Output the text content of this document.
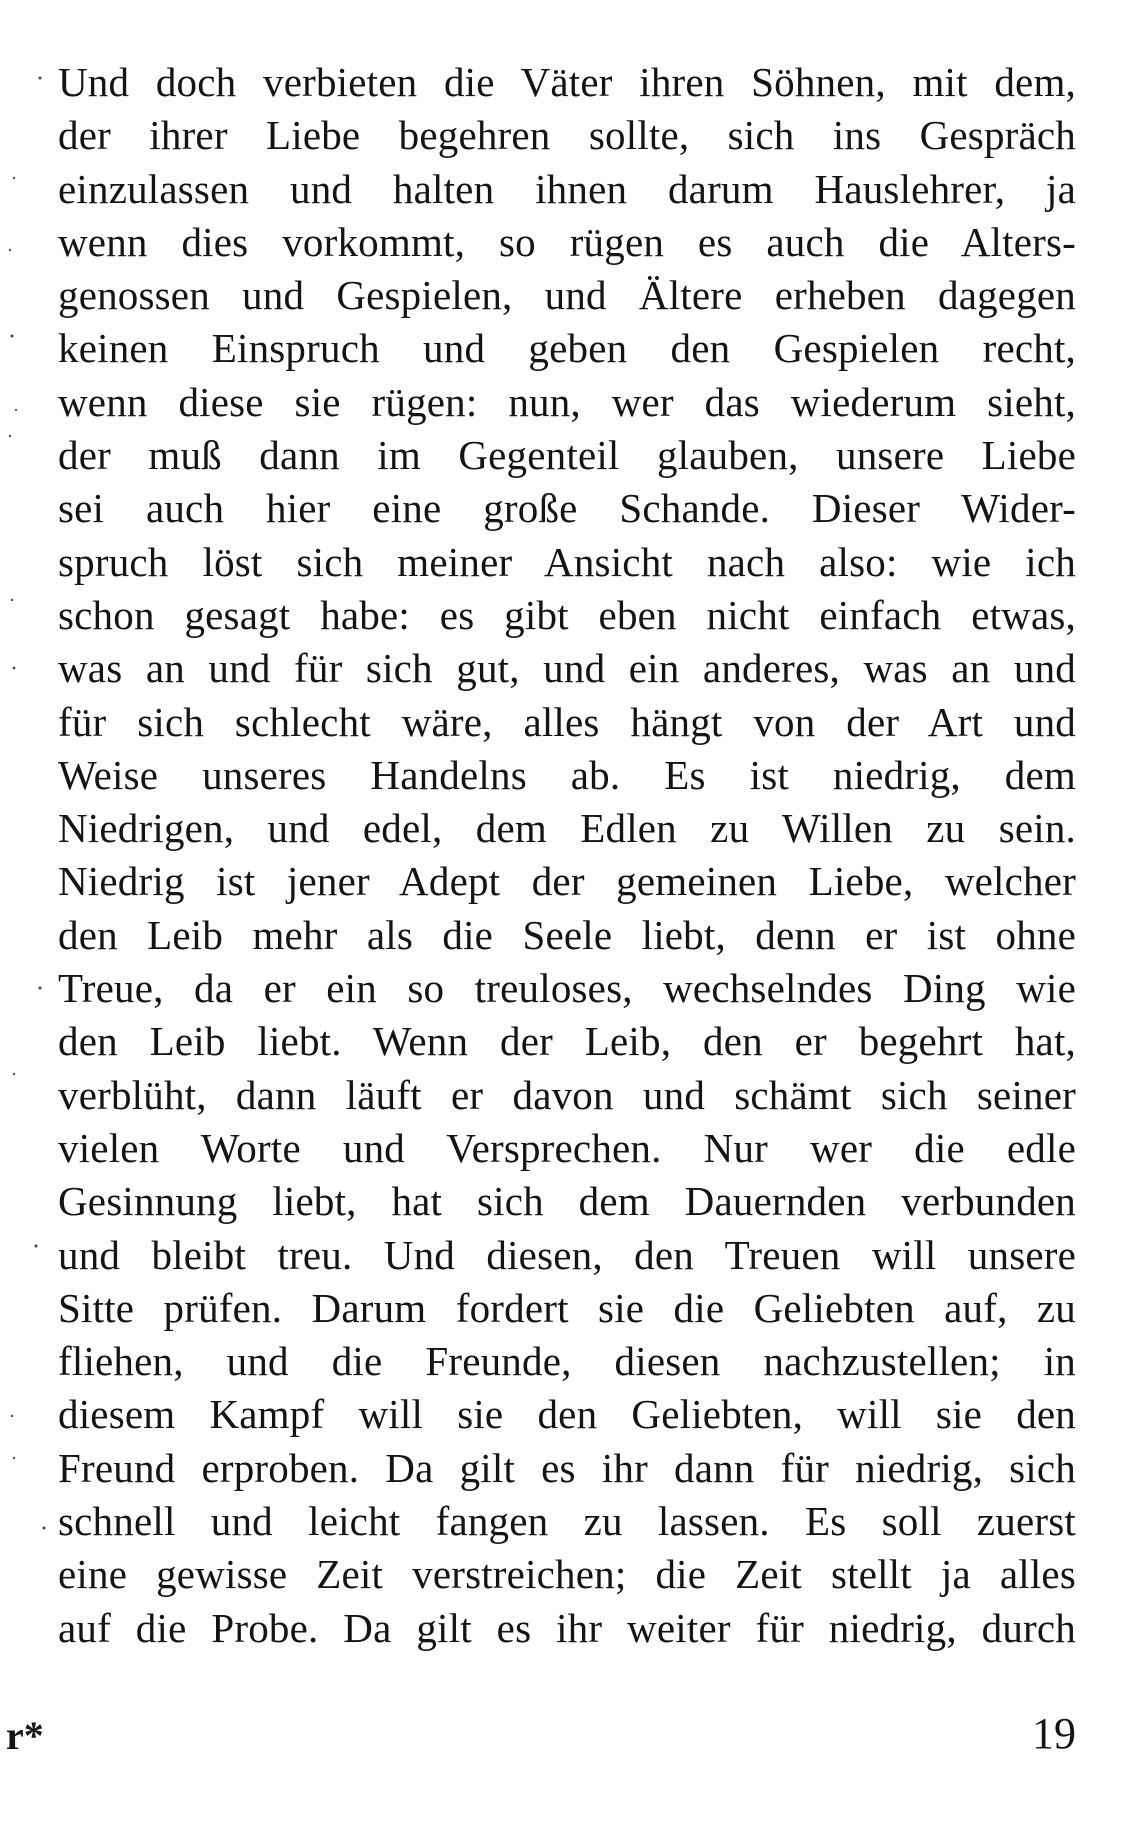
Und doch verbieten die Väter ihren Söhnen, mit dem,
der ihrer Liebe begehren sollte, sich ins Gespräch
einzulassen und halten ihnen darum Hauslehrer, ja
wenn dies vorkommt, so rügen es auch die Alters-
genossen und Gespielen, und Ältere erheben dagegen
keinen Einspruch und geben den Gespielen recht,
wenn diese sie rügen: nun, wer das wiederum sieht,
der muß dann im Gegenteil glauben, unsere Liebe
sei auch hier eine große Schande. Dieser Wider-
spruch löst sich meiner Ansicht nach also: wie ich
schon gesagt habe: es gibt eben nicht einfach etwas,
was an und für sich gut, und ein anderes, was an und
für sich schlecht wäre, alles hängt von der Art und
Weise unseres Handelns ab. Es ist niedrig, dem
Niedrigen, und edel, dem Edlen zu Willen zu sein.
Niedrig ist jener Adept der gemeinen Liebe, welcher
den Leib mehr als die Seele liebt, denn er ist ohne
Treue, da er ein so treuloses, wechselndes Ding wie
den Leib liebt. Wenn der Leib, den er begehrt hat,
verblüht, dann läuft er davon und schämt sich seiner
vielen Worte und Versprechen. Nur wer die edle
Gesinnung liebt, hat sich dem Dauernden verbunden
und bleibt treu. Und diesen, den Treuen will unsere
Sitte prüfen. Darum fordert sie die Geliebten auf, zu
fliehen, und die Freunde, diesen nachzustellen; in
diesem Kampf will sie den Geliebten, will sie den
Freund erproben. Da gilt es ihr dann für niedrig, sich
schnell und leicht fangen zu lassen. Es soll zuerst
eine gewisse Zeit verstreichen; die Zeit stellt ja alles
auf die Probe. Da gilt es ihr weiter für niedrig, durch
r*	19
